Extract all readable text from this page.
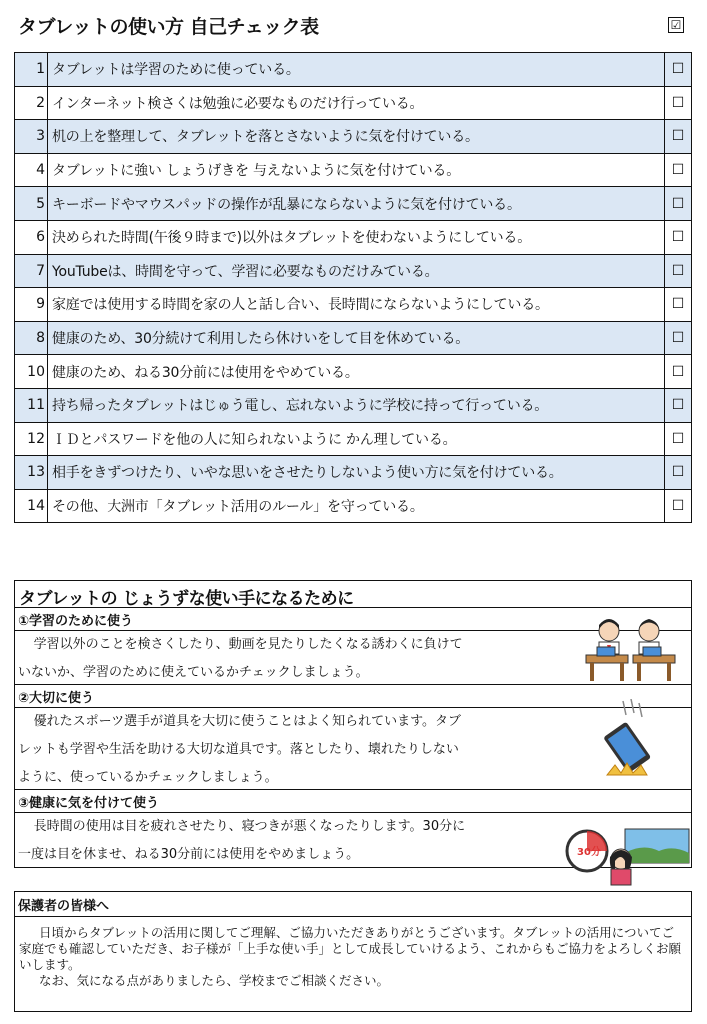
タブレットの使い方 自己チェック表	☑
1	タブレットは学習のために使っている。	☐
2	インターネット検さくは勉強に必要なものだけ行っている。	☐
3	机の上を整理して、タブレットを落とさないように気を付けている。	☐
4	タブレットに強い しょうげきを 与えないように気を付けている。	☐
5	キーボードやマウスパッドの操作が乱暴にならないように気を付けている。	☐
6	決められた時間(午後９時まで)以外はタブレットを使わないようにしている。	☐
7	YouTubeは、時間を守って、学習に必要なものだけみている。	☐
9	家庭では使用する時間を家の人と話し合い、長時間にならないようにしている。	☐
8	健康のため、30分続けて利用したら休けいをして目を休めている。	☐
10	健康のため、ねる30分前には使用をやめている。	☐
11	持ち帰ったタブレットはじゅう電し、忘れないように学校に持って行っている。	☐
12	ＩＤとパスワードを他の人に知られないように かん理している。	☐
13	相手をきずつけたり、いやな思いをさせたりしないよう使い方に気を付けている。	☐
14	その他、大洲市「タブレット活用のルール」を守っている。	☐
タブレットの じょうずな使い手になるために
①学習のために使う

学習以外のことを検さくしたり、動画を見たりしたくなる誘わくに負けて

いないか、学習のために使えているかチェックしましょう。

②大切に使う

優れたスポーツ選手が道具を大切に使うことはよく知られています。タブ

レットも学習や生活を助ける大切な道具です。落としたり、壊れたりしない

ように、使っているかチェックしましょう。

③健康に気を付けて使う

長時間の使用は目を疲れさせたり、寝つきが悪くなったりします。30分に

一度は目を休ませ、ねる30分前には使用をやめましょう。	30分
保護者の皆様へ

日頃からタブレットの活用に関してご理解、ご協力いただきありがとうございます。タブレットの活用についてご家庭でも確認していただき、お子様が「上手な使い手」として成長していけるよう、これからもご協力をよろしくお願いします。

なお、気になる点がありましたら、学校までご相談ください。
